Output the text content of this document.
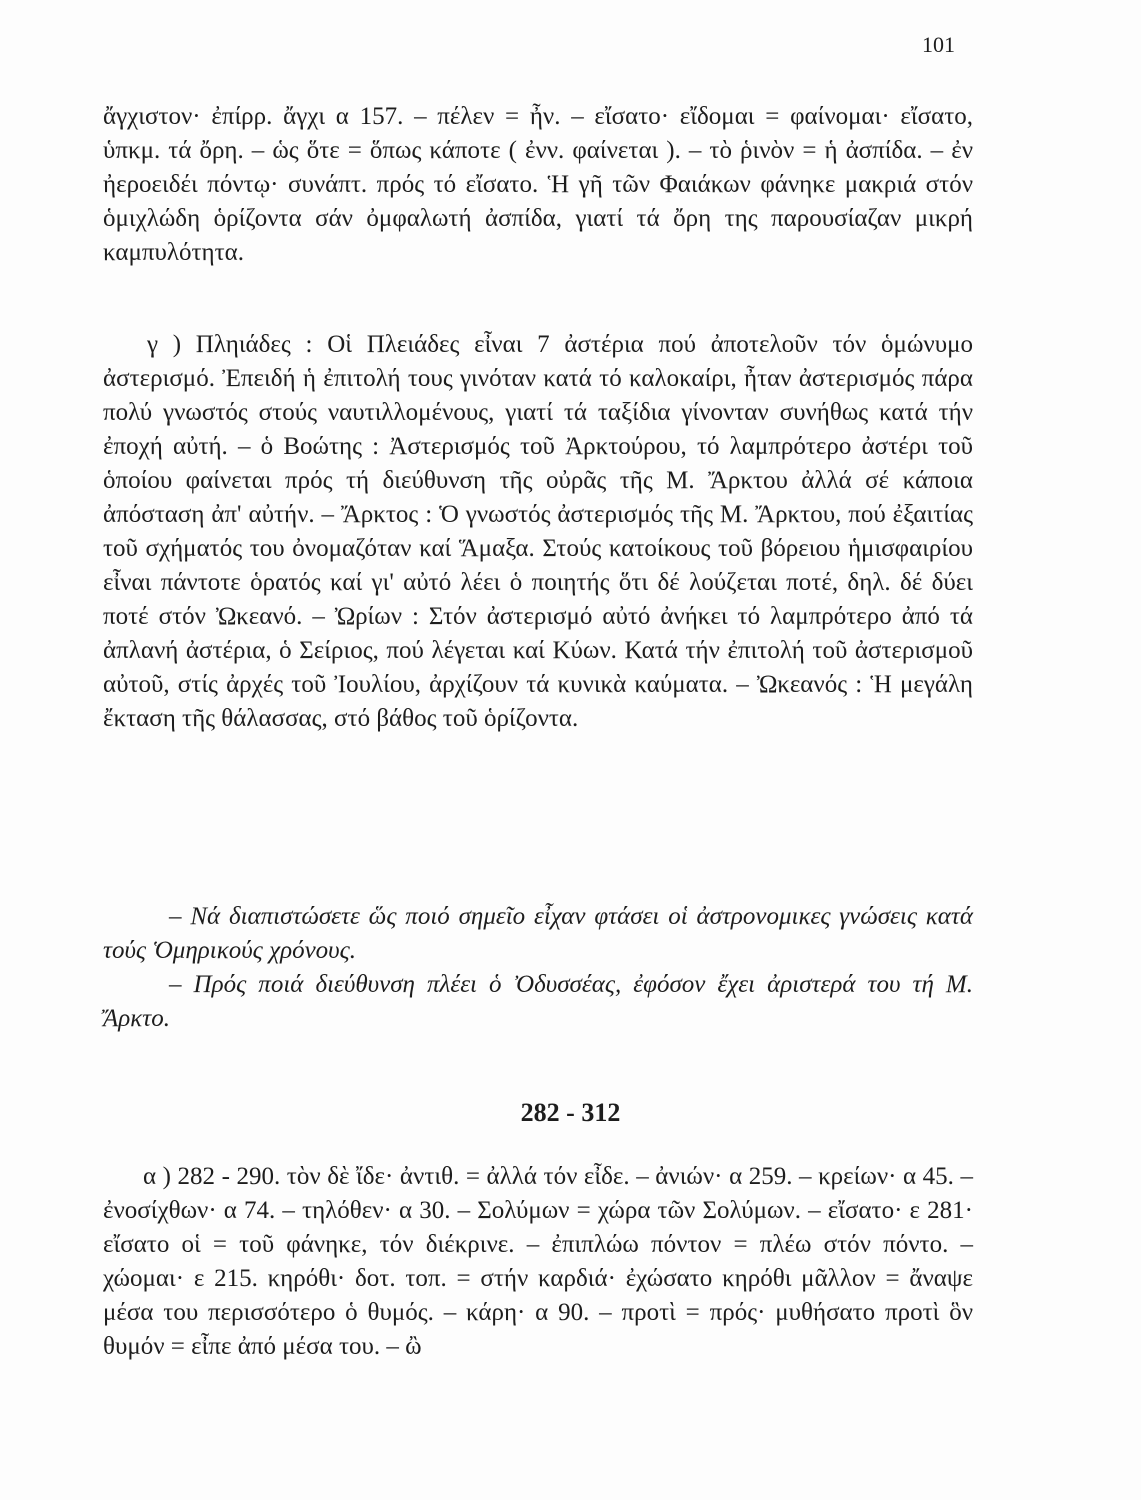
101
ἄγχιστον· ἐπίρρ. ἄγχι α 157. – πέλεν = ἦν. – εἴσατο· εἴδομαι = φαίνομαι· εἴσατο, ὑπκμ. τά ὄρη. – ὡς ὅτε = ὅπως κάποτε ( ἐνν. φαίνεται ). – τὸ ῥινὸν = ἡ ἀσπίδα. – ἐν ἠεροειδέι πόντῳ· συνάπτ. πρός τό εἴσατο. Ἡ γῆ τῶν Φαιάκων φάνηκε μακριά στόν ὁμιχλώδη ὁρίζοντα σάν ὀμφαλωτή ἀσπίδα, γιατί τά ὄρη της παρουσίαζαν μικρή καμπυλότητα.
γ ) Πληιάδες : Οἱ Πλειάδες εἶναι 7 ἀστέρια πού ἀποτελοῦν τόν ὁμώνυμο ἀστερισμό. Ἐπειδή ἡ ἐπιτολή τους γινόταν κατά τό καλοκαίρι, ἦταν ἀστερισμός πάρα πολύ γνωστός στούς ναυτιλλομένους, γιατί τά ταξίδια γίνονταν συνήθως κατά τήν ἐποχή αὐτή. – ὁ Βοώτης : Ἀστερισμός τοῦ Ἀρκτούρου, τό λαμπρότερο ἀστέρι τοῦ ὁποίου φαίνεται πρός τή διεύθυνση τῆς οὐρᾶς τῆς Μ. Ἄρκτου ἀλλά σέ κάποια ἀπόσταση ἀπ' αὐτήν. – Ἄρκτος : Ὁ γνωστός ἀστερισμός τῆς Μ. Ἄρκτου, πού ἐξαιτίας τοῦ σχήματός του ὀνομαζόταν καί Ἅμαξα. Στούς κατοίκους τοῦ βόρειου ἡμισφαιρίου εἶναι πάντοτε ὁρατός καί γι' αὐτό λέει ὁ ποιητής ὅτι δέ λούζεται ποτέ, δηλ. δέ δύει ποτέ στόν Ὠκεανό. – Ὠρίων : Στόν ἀστερισμό αὐτό ἀνήκει τό λαμπρότερο ἀπό τά ἀπλανή ἀστέρια, ὁ Σείριος, πού λέγεται καί Κύων. Κατά τήν ἐπιτολή τοῦ ἀστερισμοῦ αὐτοῦ, στίς ἀρχές τοῦ Ἰουλίου, ἀρχίζουν τά κυνικὰ καύματα. – Ὠκεανός : Ἡ μεγάλη ἔκταση τῆς θάλασσας, στό βάθος τοῦ ὁρίζοντα.

– Νά διαπιστώσετε ὥς ποιό σημεῖο εἶχαν φτάσει οἱ ἀστρονομικες γνώσεις κατά τούς Ὁμηρικούς χρόνους.

– Πρός ποιά διεύθυνση πλέει ὁ Ὀδυσσέας, ἐφόσον ἔχει ἀριστερά του τή Μ. Ἄρκτο.

282 - 312
α ) 282 - 290. τὸν δὲ ἴδε· ἀντιθ. = ἀλλά τόν εἶδε. – ἀνιών· α 259. – κρείων· α 45. – ἐνοσίχθων· α 74. – τηλόθεν· α 30. – Σολύμων = χώρα τῶν Σολύμων. – εἴσατο· ε 281· εἴσατο οἱ = τοῦ φάνηκε, τόν διέκρινε. – ἐπιπλώω πόντον = πλέω στόν πόντο. – χώομαι· ε 215. κηρόθι· δοτ. τοπ. = στήν καρδιά· ἐχώσατο κηρόθι μᾶλλον = ἄναψε μέσα του περισσότερο ὁ θυμός. – κάρη· α 90. – προτὶ = πρός· μυθήσατο προτὶ ὃν θυμόν = εἶπε ἀπό μέσα του. – ὢ
